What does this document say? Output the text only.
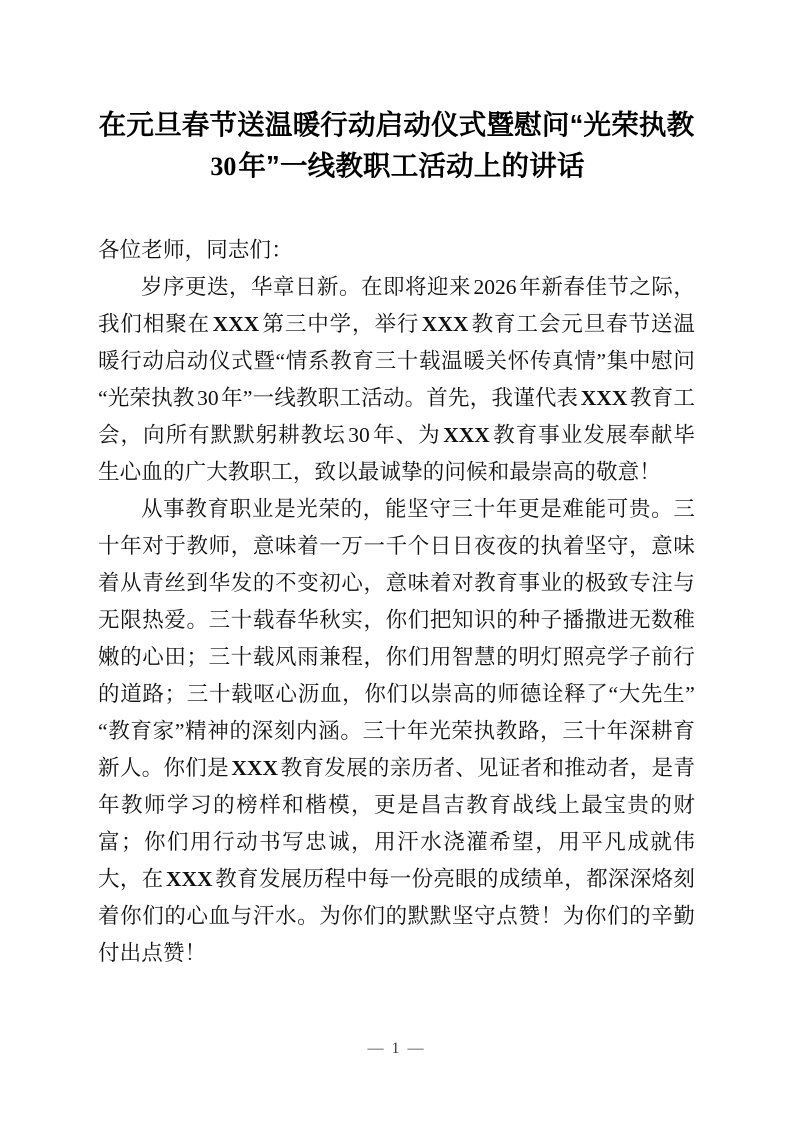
在元旦春节送温暖行动启动仪式暨慰问“光荣执教30年”一线教职工活动上的讲话

各位老师，同志们：

岁序更迭，华章日新。在即将迎来 2026 年新春佳节之际，我们相聚在 XXX 第三中学，举行 XXX 教育工会元旦春节送温暖行动启动仪式暨“情系教育三十载温暖关怀传真情”集中慰问“光荣执教 30 年”一线教职工活动。首先，我谨代表 XXX 教育工会，向所有默默躬耕教坛 30 年、为 XXX 教育事业发展奉献毕生心血的广大教职工，致以最诚挚的问候和最崇高的敬意！

从事教育职业是光荣的，能坚守三十年更是难能可贵。三十年对于教师，意味着一万一千个日日夜夜的执着坚守，意味着从青丝到华发的不变初心，意味着对教育事业的极致专注与无限热爱。三十载春华秋实，你们把知识的种子播撒进无数稚嫩的心田；三十载风雨兼程，你们用智慧的明灯照亮学子前行的道路；三十载呕心沥血，你们以崇高的师德诠释了“大先生”“教育家”精神的深刻内涵。三十年光荣执教路，三十年深耕育新人。你们是 XXX 教育发展的亲历者、见证者和推动者，是青年教师学习的榜样和楷模，更是昌吉教育战线上最宝贵的财富；你们用行动书写忠诚，用汗水浇灌希望，用平凡成就伟大，在 XXX 教育发展历程中每一份亮眼的成绩单，都深深烙刻着你们的心血与汗水。为你们的默默坚守点赞！为你们的辛勤付出点赞！

— 1 —
